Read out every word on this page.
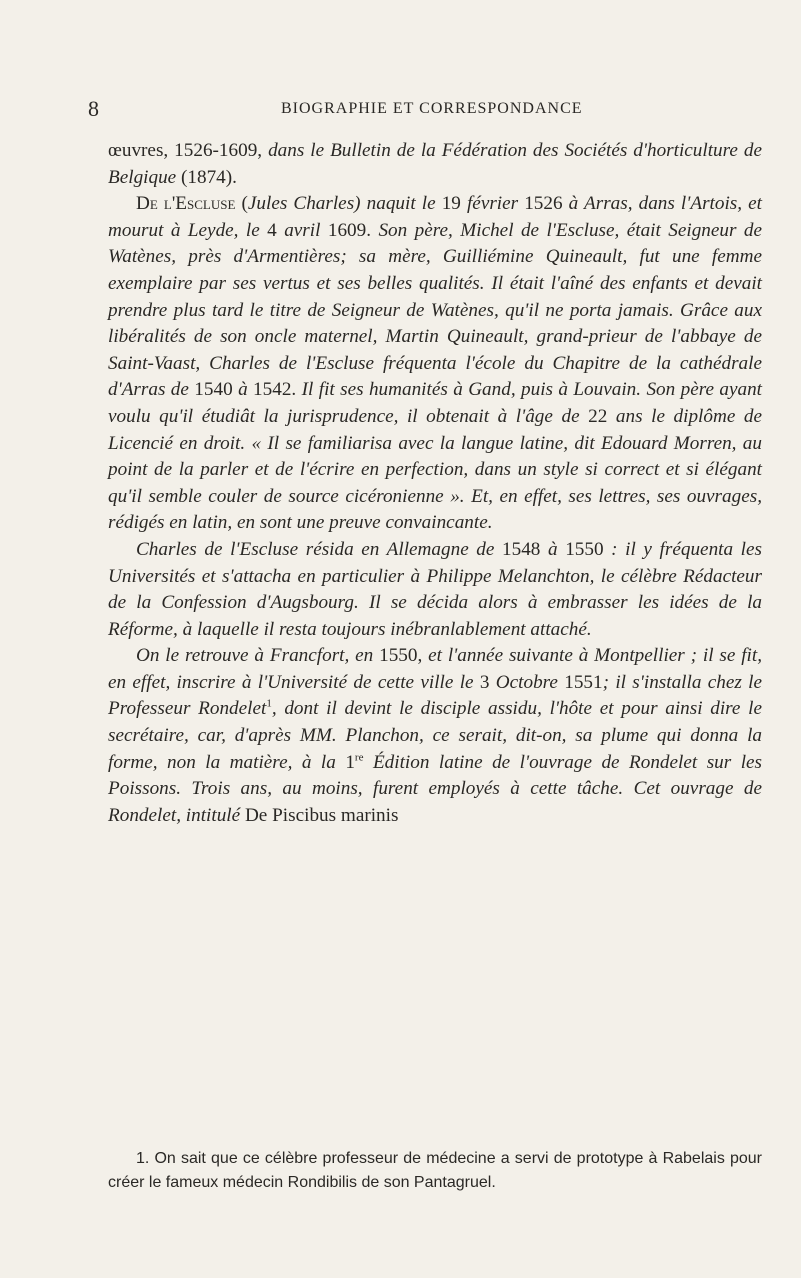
8	BIOGRAPHIE ET CORRESPONDANCE

œuvres, 1526-1609, dans le Bulletin de la Fédération des Sociétés d'horticulture de Belgique (1874).

De l'Escluse (Jules Charles) naquit le 19 février 1526 à Arras, dans l'Artois, et mourut à Leyde, le 4 avril 1609. Son père, Michel de l'Escluse, était Seigneur de Watènes, près d'Armentières; sa mère, Guilliémine Quineault, fut une femme exemplaire par ses vertus et ses belles qualités. Il était l'aîné des enfants et devait prendre plus tard le titre de Seigneur de Watènes, qu'il ne porta jamais. Grâce aux libéralités de son oncle maternel, Martin Quineault, grand-prieur de l'abbaye de Saint-Vaast, Charles de l'Escluse fréquenta l'école du Chapitre de la cathédrale d'Arras de 1540 à 1542. Il fit ses humanités à Gand, puis à Louvain. Son père ayant voulu qu'il étudiât la jurisprudence, il obtenait à l'âge de 22 ans le diplôme de Licencié en droit. « Il se familiarisa avec la langue latine, dit Edouard Morren, au point de la parler et de l'écrire en perfection, dans un style si correct et si élégant qu'il semble couler de source cicéronienne ». Et, en effet, ses lettres, ses ouvrages, rédigés en latin, en sont une preuve convaincante.

Charles de l'Escluse résida en Allemagne de 1548 à 1550 : il y fréquenta les Universités et s'attacha en particulier à Philippe Melanchton, le célèbre Rédacteur de la Confession d'Augsbourg. Il se décida alors à embrasser les idées de la Réforme, à laquelle il resta toujours inébranlablement attaché.

On le retrouve à Francfort, en 1550, et l'année suivante à Montpellier ; il se fit, en effet, inscrire à l'Université de cette ville le 3 Octobre 1551; il s'installa chez le Professeur Rondelet$^1$, dont il devint le disciple assidu, l'hôte et pour ainsi dire le secrétaire, car, d'après MM. Planchon, ce serait, dit-on, sa plume qui donna la forme, non la matière, à la 1re Édition latine de l'ouvrage de Rondelet sur les Poissons. Trois ans, au moins, furent employés à cette tâche. Cet ouvrage de Rondelet, intitulé De Piscibus marinis

1. On sait que ce célèbre professeur de médecine a servi de prototype à Rabelais pour créer le fameux médecin Rondibilis de son Pantagruel.
